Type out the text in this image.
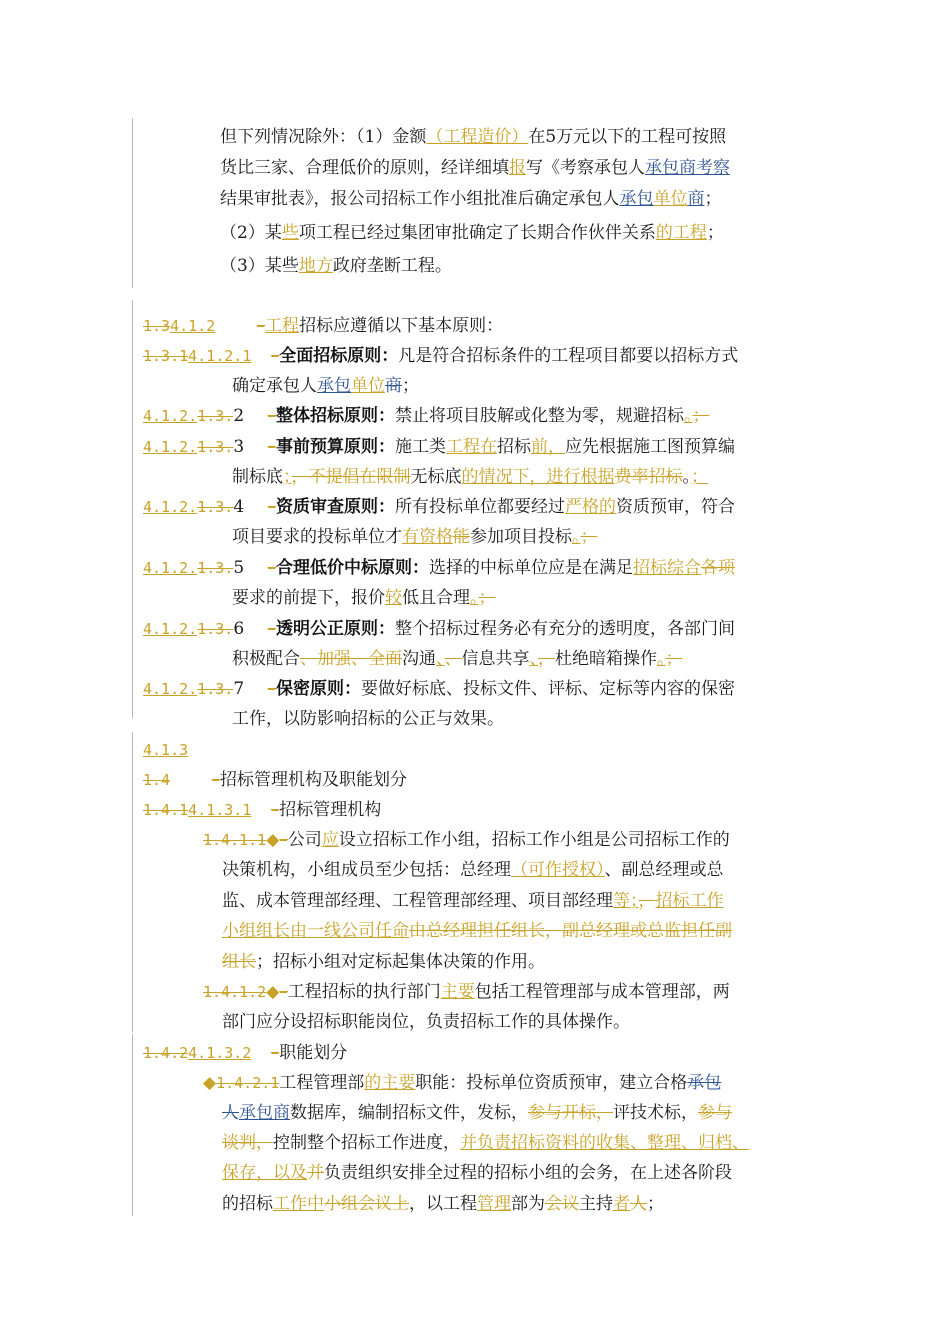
但下列情况除外：（1）金额（工程造价）在5万元以下的工程可按照
货比三家、合理低价的原则，经详细填报写《考察承包人承包商考察
结果审批表》，报公司招标工作小组批准后确定承包人承包单位商；
（2）某些项工程已经过集团审批确定了长期合作伙伴关系的工程；
（3）某些地方政府垄断工程。
1.34.1.2 –工程招标应遵循以下基本原则：
1.3.14.1.2.1 –全面招标原则：凡是符合招标条件的工程项目都要以招标方式
确定承包人承包单位商；
4.1.2.1.3.2 –整体招标原则：禁止将项目肢解或化整为零，规避招标。；
4.1.2.1.3.3 –事前预算原则：施工类工程在招标前，应先根据施工图预算编
制标底；，不提倡在限制无标底的情况下，进行根据费率招标。；
4.1.2.1.3.4 –资质审查原则：所有投标单位都要经过严格的资质预审，符合
项目要求的投标单位才有资格能参加项目投标。；
4.1.2.1.3.5 –合理低价中标原则：选择的中标单位应是在满足招标综合各项
要求的前提下，报价较低且合理。；
4.1.2.1.3.6 –透明公正原则：整个招标过程务必有充分的透明度，各部门间
积极配合、加强、全面沟通、、信息共享、，杜绝暗箱操作。；
4.1.2.1.3.7 –保密原则：要做好标底、投标文件、评标、定标等内容的保密
工作，以防影响招标的公正与效果。
4.1.3
1.4 –招标管理机构及职能划分
1.4.14.1.3.1 –招标管理机构
1.4.1.1◆–公司应设立招标工作小组，招标工作小组是公司招标工作的
决策机构，小组成员至少包括：总经理（可作授权）、副总经理或总
监、成本管理部经理、工程管理部经理、项目部经理等；，招标工作
小组组长由一线公司任命由总经理担任组长，副总经理或总监担任副
组长；招标小组对定标起集体决策的作用。
1.4.1.2◆–工程招标的执行部门主要包括工程管理部与成本管理部，两
部门应分设招标职能岗位，负责招标工作的具体操作。
1.4.24.1.3.2 –职能划分
◆1.4.2.1工程管理部的主要职能：投标单位资质预审，建立合格承包
人承包商数据库，编制招标文件，发标，参与开标，评技术标，参与
谈判，控制整个招标工作进度，并负责招标资料的收集、整理、归档、
保存，以及并负责组织安排全过程的招标小组的会务，在上述各阶段
的招标工作中小组会议上，以工程管理部为会议主持者人；
